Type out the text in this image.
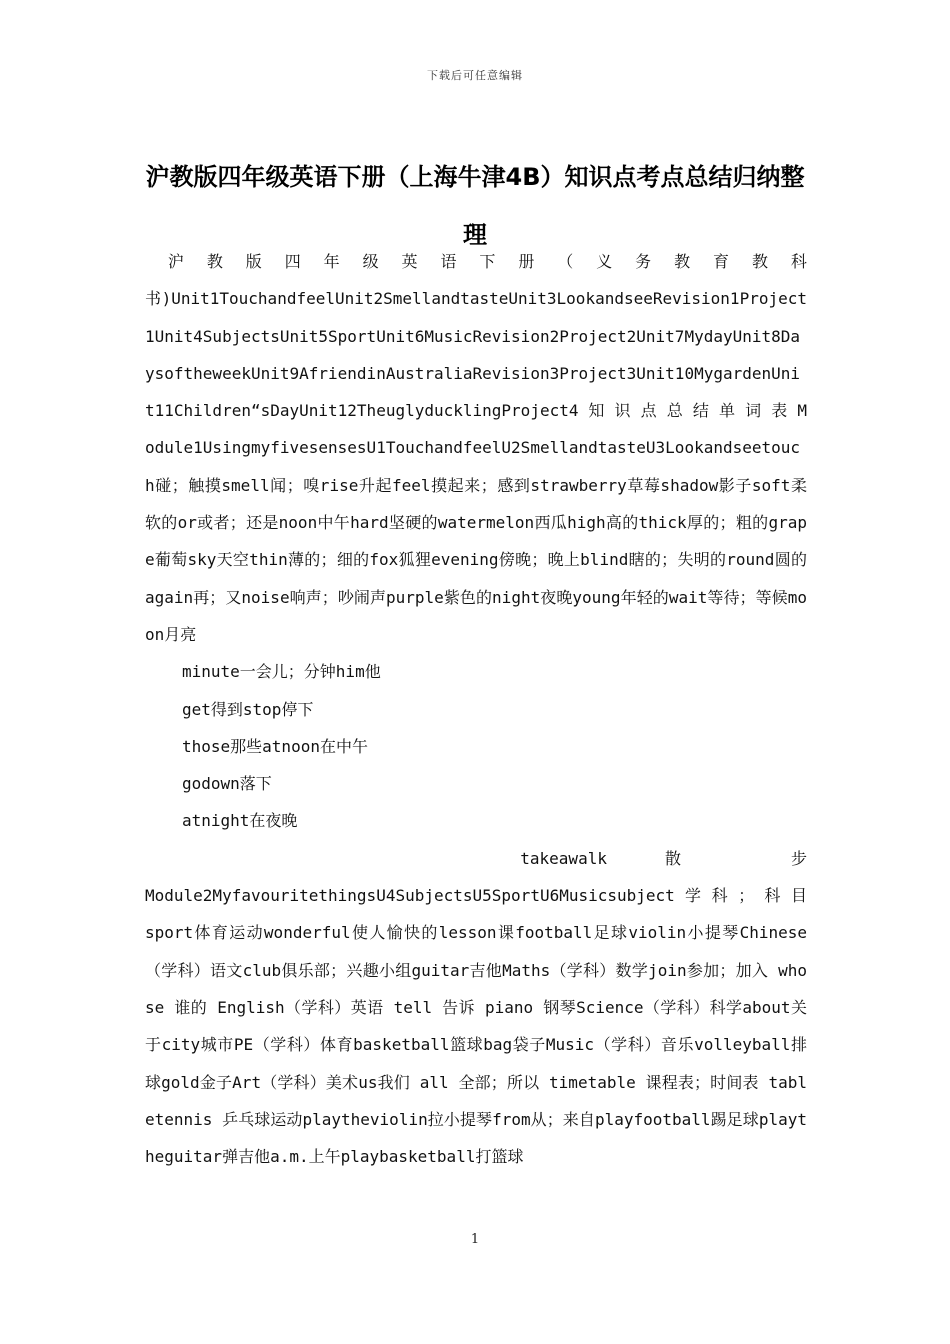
下载后可任意编辑
沪教版四年级英语下册（上海牛津4B）知识点考点总结归纳整理
沪 教 版 四 年 级 英 语 下 册 （ 义 务 教 育 教 科

书)Unit1TouchandfeelUnit2SmellandtasteUnit3LookandseeRevision1Project1Unit4SubjectsUnit5SportUnit6MusicRevision2Project2Unit7MydayUnit8DaysoftheweekUnit9AfriendinAustraliaRevision3Project3Unit10MygardenUnit11Children“sDayUnit12TheuglyducklingProject4 知 识 点 总 结 单 词 表 Module1UsingmyfivesensesU1TouchandfeelU2SmellandtasteU3Lookandseetouch碰；触摸smell闻；嗅rise升起feel摸起来；感到strawberry草莓shadow影子soft柔软的or或者；还是noon中午hard坚硬的watermelon西瓜high高的thick厚的；粗的grape葡萄sky天空thin薄的；细的fox狐狸evening傍晚；晚上blind瞎的；失明的round圆的again再；又noise响声；吵闹声purple紫色的night夜晚young年轻的wait等待；等候moon月亮

minute一会儿；分钟him他

get得到stop停下

those那些atnoon在中午

godown落下

atnight在夜晚

takeawalk	散	步

Module2MyfavouritethingsU4SubjectsU5SportU6Musicsubject 学 科 ； 科 目sport体育运动wonderful使人愉快的lesson课football足球violin小提琴Chinese（学科）语文club俱乐部；兴趣小组guitar吉他Maths（学科）数学join参加；加入 whose 谁的 English（学科）英语 tell 告诉 piano 钢琴Science（学科）科学about关于city城市PE（学科）体育basketball篮球bag袋子Music（学科）音乐volleyball排球gold金子Art（学科）美术us我们 all 全部；所以 timetable 课程表；时间表 tabletennis 乒乓球运动playtheviolin拉小提琴from从；来自playfootball踢足球playtheguitar弹吉他a.m.上午playbasketball打篮球

1
